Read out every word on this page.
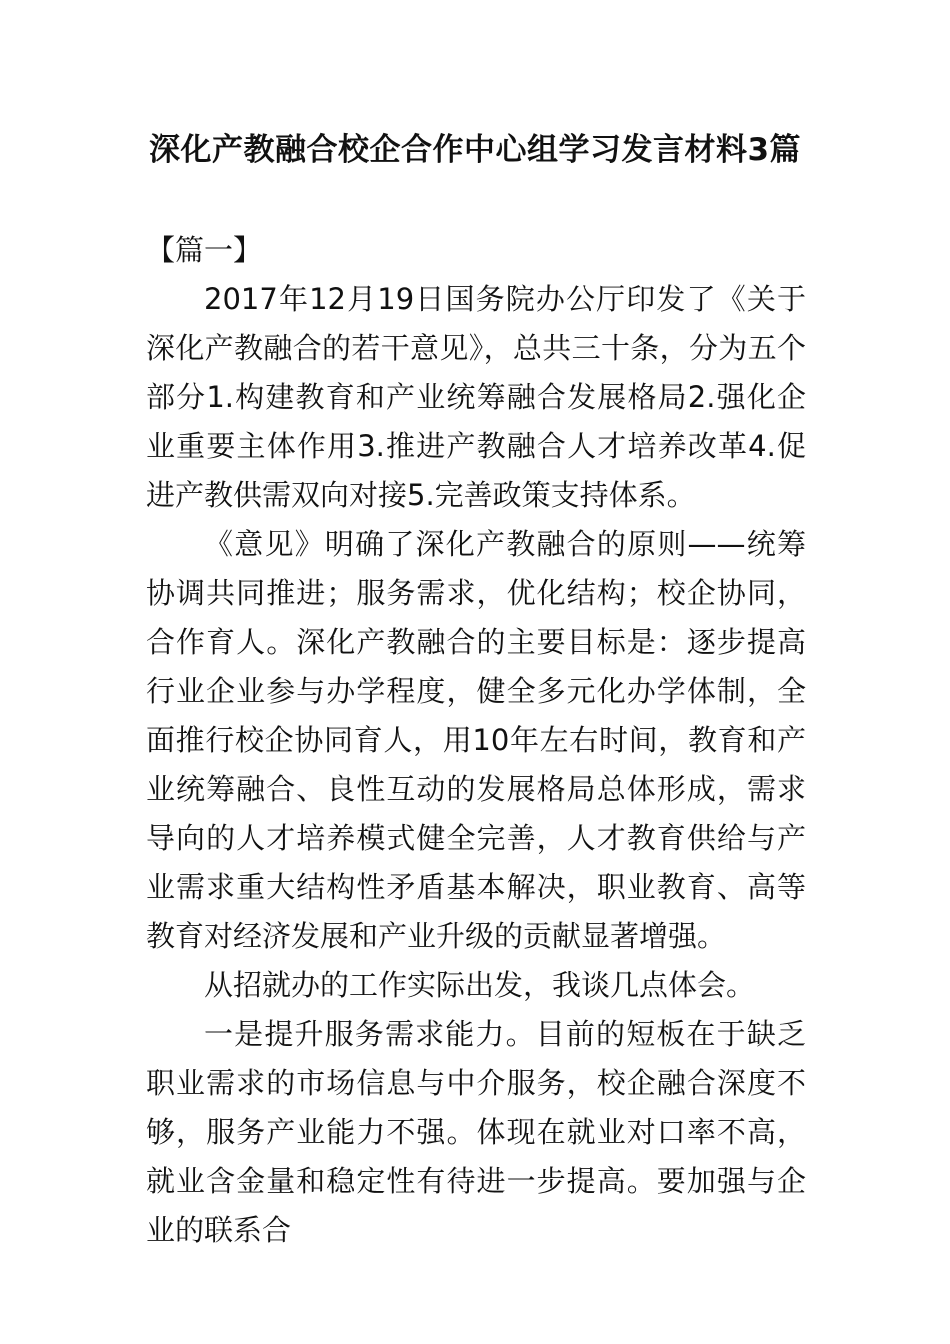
深化产教融合校企合作中心组学习发言材料3篇

【篇一】

2017年12月19日国务院办公厅印发了《关于深化产教融合的若干意见》，总共三十条，分为五个部分1.构建教育和产业统筹融合发展格局2.强化企业重要主体作用3.推进产教融合人才培养改革4.促进产教供需双向对接5.完善政策支持体系。

《意见》明确了深化产教融合的原则——统筹协调共同推进；服务需求，优化结构；校企协同，合作育人。深化产教融合的主要目标是：逐步提高行业企业参与办学程度，健全多元化办学体制，全面推行校企协同育人，用10年左右时间，教育和产业统筹融合、良性互动的发展格局总体形成，需求导向的人才培养模式健全完善，人才教育供给与产业需求重大结构性矛盾基本解决，职业教育、高等教育对经济发展和产业升级的贡献显著增强。

从招就办的工作实际出发，我谈几点体会。

一是提升服务需求能力。目前的短板在于缺乏职业需求的市场信息与中介服务，校企融合深度不够，服务产业能力不强。体现在就业对口率不高，就业含金量和稳定性有待进一步提高。要加强与企业的联系合
